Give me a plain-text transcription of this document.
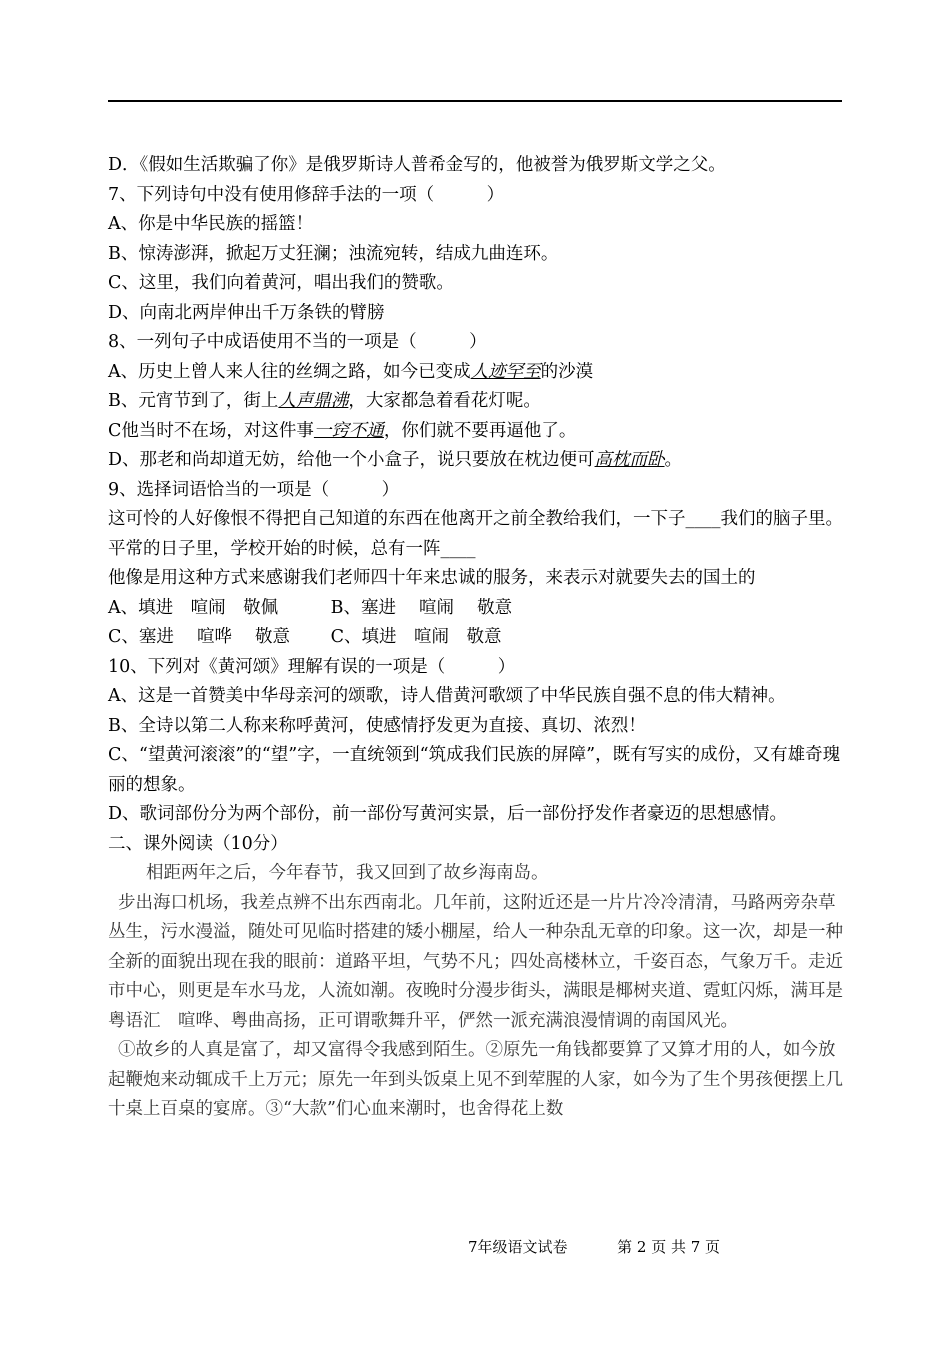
D．《假如生活欺骗了你》是俄罗斯诗人普希金写的，他被誉为俄罗斯文学之父。

7、下列诗句中没有使用修辞手法的一项（　　　）

A、你是中华民族的摇篮！

B、惊涛澎湃，掀起万丈狂澜；浊流宛转，结成九曲连环。

C、这里，我们向着黄河，唱出我们的赞歌。

D、向南北两岸伸出千万条铁的臂膀

8、一列句子中成语使用不当的一项是（　　　）

A、历史上曾人来人往的丝绸之路，如今已变成人迹罕至的沙漠

B、元宵节到了，街上人声鼎沸，大家都急着看花灯呢。

C他当时不在场，对这件事一窍不通，你们就不要再逼他了。

D、那老和尚却道无妨，给他一个小盒子，说只要放在枕边便可高枕而卧。

9、选择词语恰当的一项是（　　　）

这可怜的人好像恨不得把自己知道的东西在他离开之前全教给我们，一下子____我们的脑子里。

平常的日子里，学校开始的时候，总有一阵____

他像是用这种方式来感谢我们老师四十年来忠诚的服务，来表示对就要失去的国土的

A、填进　喧闹　敬佩　　　B、塞进　 喧闹　 敬意

C、塞进　 喧哗　 敬意　　 C、填进　喧闹　敬意

10、下列对《黄河颂》理解有误的一项是（　　　）

A、这是一首赞美中华母亲河的颂歌，诗人借黄河歌颂了中华民族自强不息的伟大精神。

B、全诗以第二人称来称呼黄河，使感情抒发更为直接、真切、浓烈！

C、“望黄河滚滚”的“望”字，一直统领到“筑成我们民族的屏障”，既有写实的成份，又有雄奇瑰丽的想象。

D、歌词部份分为两个部份，前一部份写黄河实景，后一部份抒发作者豪迈的思想感情。

二、课外阅读（10分）

相距两年之后，今年春节，我又回到了故乡海南岛。

步出海口机场，我差点辨不出东西南北。几年前，这附近还是一片片冷冷清清，马路两旁杂草丛生，污水漫溢，随处可见临时搭建的矮小棚屋，给人一种杂乱无章的印象。这一次，却是一种全新的面貌出现在我的眼前：道路平坦，气势不凡；四处高楼林立，千姿百态，气象万千。走近市中心，则更是车水马龙，人流如潮。夜晚时分漫步街头，满眼是椰树夹道、霓虹闪烁，满耳是粤语汇　喧哗、粤曲高扬，正可谓歌舞升平，俨然一派充满浪漫情调的南国风光。

①故乡的人真是富了，却又富得令我感到陌生。②原先一角钱都要算了又算才用的人，如今放起鞭炮来动辄成千上万元；原先一年到头饭桌上见不到荤腥的人家，如今为了生个男孩便摆上几十桌上百桌的宴席。③“大款”们心血来潮时，也舍得花上数

7年级语文试卷	第 2 页 共 7 页
